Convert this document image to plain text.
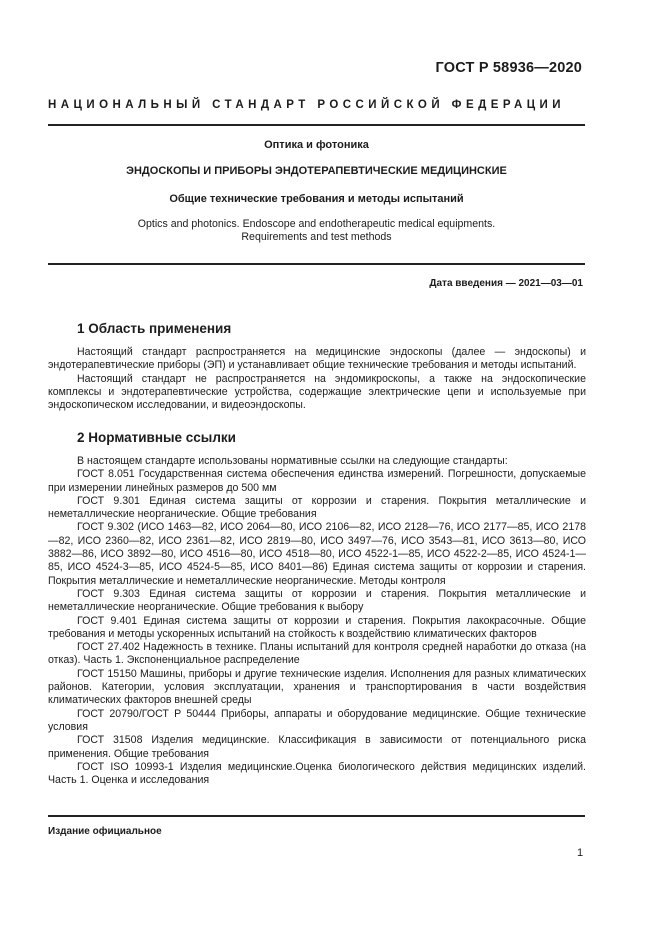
ГОСТ Р 58936—2020
НАЦИОНАЛЬНЫЙ СТАНДАРТ РОССИЙСКОЙ ФЕДЕРАЦИИ
Оптика и фотоника
ЭНДОСКОПЫ И ПРИБОРЫ ЭНДОТЕРАПЕВТИЧЕСКИЕ МЕДИЦИНСКИЕ
Общие технические требования и методы испытаний
Optics and photonics. Endoscope and endotherapeutic medical equipments.
Requirements and test methods
Дата введения — 2021—03—01
1 Область применения

Настоящий стандарт распространяется на медицинские эндоскопы (далее — эндоскопы) и эндотерапевтические приборы (ЭП) и устанавливает общие технические требования и методы испытаний.

Настоящий стандарт не распространяется на эндомикроскопы, а также на эндоскопические комплексы и эндотерапевтические устройства, содержащие электрические цепи и используемые при эндоскопическом исследовании, и видеоэндоскопы.

2 Нормативные ссылки

В настоящем стандарте использованы нормативные ссылки на следующие стандарты:

ГОСТ 8.051 Государственная система обеспечения единства измерений. Погрешности, допускаемые при измерении линейных размеров до 500 мм

ГОСТ 9.301 Единая система защиты от коррозии и старения. Покрытия металлические и неметаллические неорганические. Общие требования

ГОСТ 9.302 (ИСО 1463—82, ИСО 2064—80, ИСО 2106—82, ИСО 2128—76, ИСО 2177—85, ИСО 2178—82, ИСО 2360—82, ИСО 2361—82, ИСО 2819—80, ИСО 3497—76, ИСО 3543—81, ИСО 3613—80, ИСО 3882—86, ИСО 3892—80, ИСО 4516—80, ИСО 4518—80, ИСО 4522-1—85, ИСО 4522-2—85, ИСО 4524-1—85, ИСО 4524-3—85, ИСО 4524-5—85, ИСО 8401—86) Единая система защиты от коррозии и старения. Покрытия металлические и неметаллические неорганические. Методы контроля

ГОСТ 9.303 Единая система защиты от коррозии и старения. Покрытия металлические и неметаллические неорганические. Общие требования к выбору

ГОСТ 9.401 Единая система защиты от коррозии и старения. Покрытия лакокрасочные. Общие требования и методы ускоренных испытаний на стойкость к воздействию климатических факторов

ГОСТ 27.402 Надежность в технике. Планы испытаний для контроля средней наработки до отказа (на отказ). Часть 1. Экспоненциальное распределение

ГОСТ 15150 Машины, приборы и другие технические изделия. Исполнения для разных климатических районов. Категории, условия эксплуатации, хранения и транспортирования в части воздействия климатических факторов внешней среды

ГОСТ 20790/ГОСТ Р 50444 Приборы, аппараты и оборудование медицинские. Общие технические условия

ГОСТ 31508 Изделия медицинские. Классификация в зависимости от потенциального риска применения. Общие требования

ГОСТ ISO 10993-1 Изделия медицинские.Оценка биологического действия медицинских изделий. Часть 1. Оценка и исследования

Издание официальное
1
